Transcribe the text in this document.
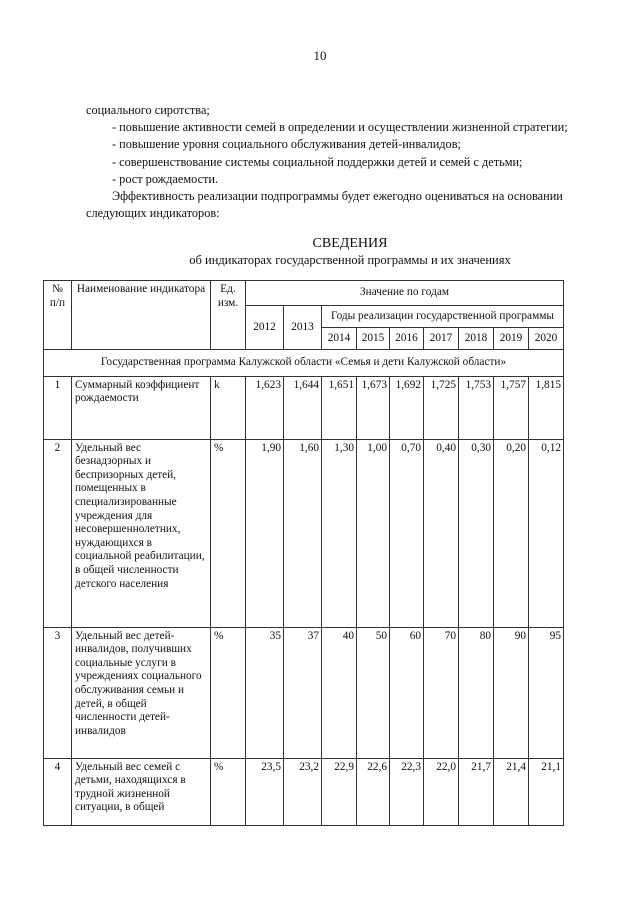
10

социального сиротства;

- повышение активности семей в определении и осуществлении жизненной стратегии;

- повышение уровня социального обслуживания детей-инвалидов;

- совершенствование системы социальной поддержки детей и семей с детьми;

- рост рождаемости.

Эффективность реализации подпрограммы будет ежегодно оцениваться на основании

следующих индикаторов:

СВЕДЕНИЯ
об индикаторах государственной программы и их значениях
№ п/п	Наименование индикатора	Ед. изм.	Значение по годам								
			2012	2013	Годы реализации государственной программы						
					2014	2015	2016	2017	2018	2019	2020
Государственная программа Калужской области «Семья и дети Калужской области»											
1	Суммарный коэффициент рождаемости	k	1,623	1,644	1,651	1,673	1,692	1,725	1,753	1,757	1,815
2	Удельный вес безнадзорных и беспризорных детей, помещенных в специализированные учреждения для несовершеннолетних, нуждающихся в социальной реабилитации, в общей численности детского населения	%	1,90	1,60	1,30	1,00	0,70	0,40	0,30	0,20	0,12
3	Удельный вес детей-инвалидов, получивших социальные услуги в учреждениях социального обслуживания семьи и детей, в общей численности детей-инвалидов	%	35	37	40	50	60	70	80	90	95
4	Удельный вес семей с детьми, находящихся в трудной жизненной ситуации, в общей	%	23,5	23,2	22,9	22,6	22,3	22,0	21,7	21,4	21,1
